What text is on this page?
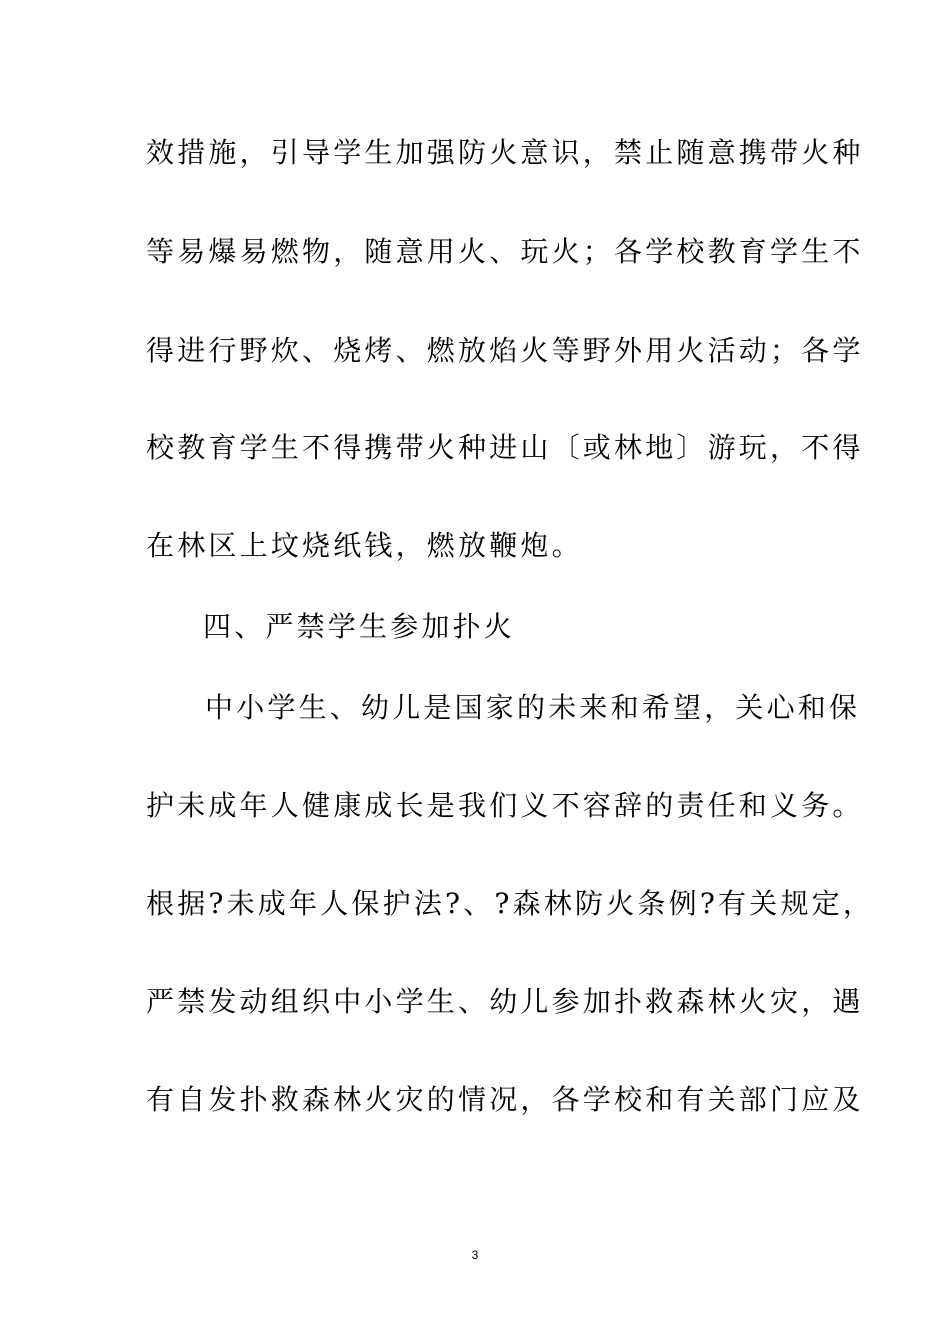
效措施，引导学生加强防火意识，禁止随意携带火种
等易爆易燃物，随意用火、玩火；各学校教育学生不
得进行野炊、烧烤、燃放焰火等野外用火活动；各学
校教育学生不得携带火种进山〔或林地〕游玩，不得
在林区上坟烧纸钱，燃放鞭炮。
四、严禁学生参加扑火
中小学生、幼儿是国家的未来和希望，关心和保
护未成年人健康成长是我们义不容辞的责任和义务。
根据?未成年人保护法?、?森林防火条例?有关规定，
严禁发动组织中小学生、幼儿参加扑救森林火灾，遇
有自发扑救森林火灾的情况，各学校和有关部门应及
3
